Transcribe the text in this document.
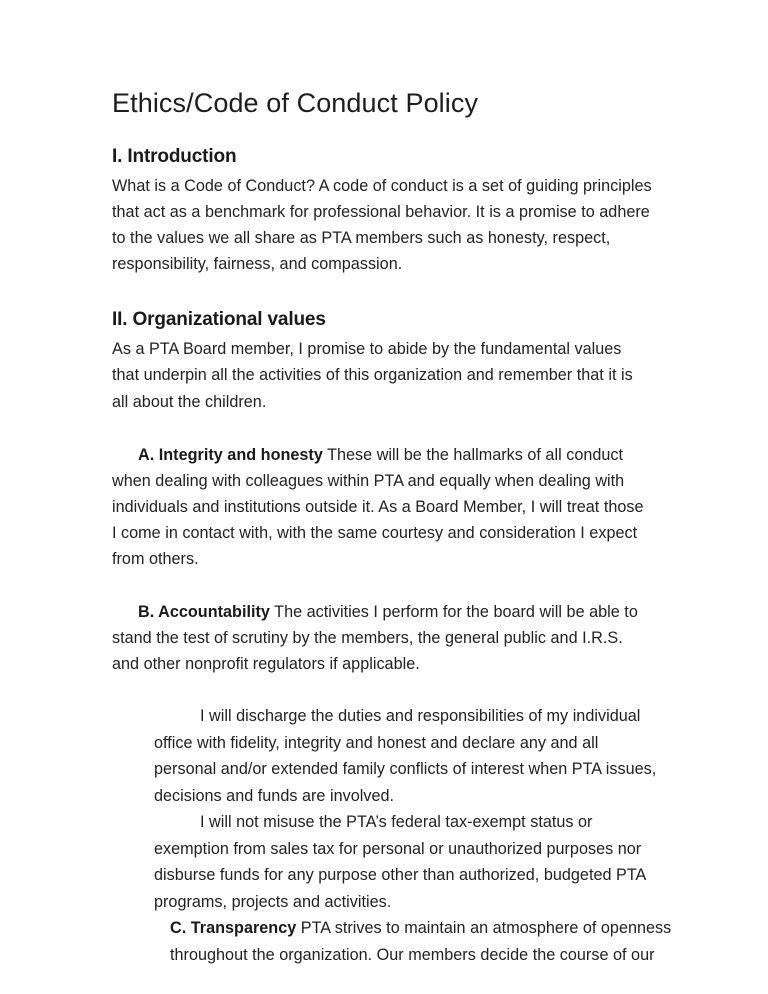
Ethics/Code of Conduct Policy
I. Introduction

What is a Code of Conduct? A code of conduct is a set of guiding principles that act as a benchmark for professional behavior. It is a promise to adhere to the values we all share as PTA members such as honesty, respect, responsibility, fairness, and compassion.

II. Organizational values

As a PTA Board member, I promise to abide by the fundamental values that underpin all the activities of this organization and remember that it is all about the children.

A. Integrity and honesty These will be the hallmarks of all conduct when dealing with colleagues within PTA and equally when dealing with individuals and institutions outside it. As a Board Member, I will treat those I come in contact with, with the same courtesy and consideration I expect from others.

B. Accountability The activities I perform for the board will be able to stand the test of scrutiny by the members, the general public and I.R.S. and other nonprofit regulators if applicable.

I will discharge the duties and responsibilities of my individual office with fidelity, integrity and honest and declare any and all personal and/or extended family conflicts of interest when PTA issues, decisions and funds are involved.

I will not misuse the PTA’s federal tax-exempt status or exemption from sales tax for personal or unauthorized purposes nor disburse funds for any purpose other than authorized, budgeted PTA programs, projects and activities.

C. Transparency PTA strives to maintain an atmosphere of openness throughout the organization. Our members decide the course of our
